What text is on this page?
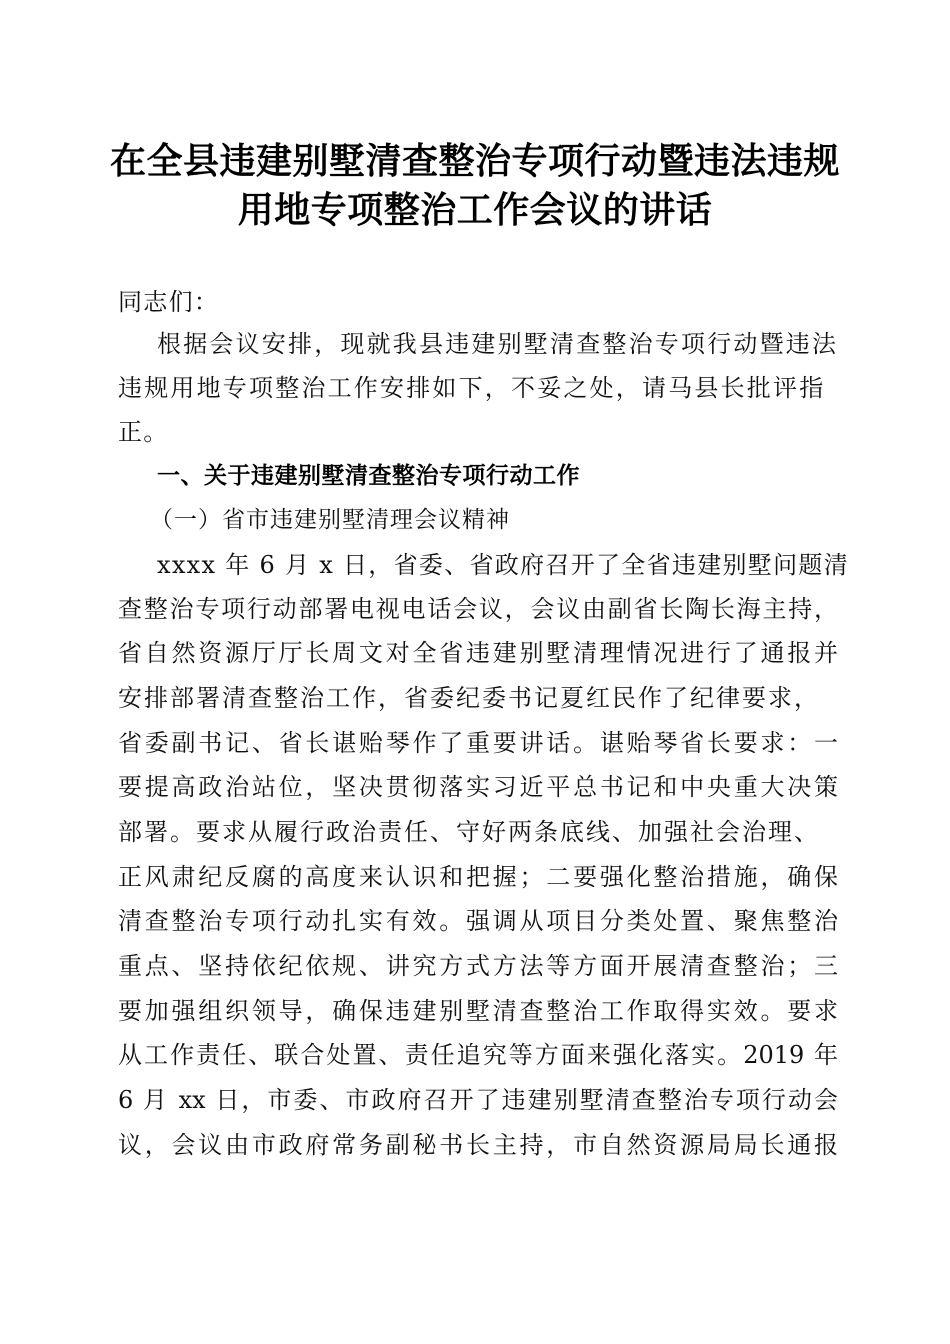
在全县违建别墅清查整治专项行动暨违法违规
用地专项整治工作会议的讲话
同志们：
根据会议安排，现就我县违建别墅清查整治专项行动暨违法
违规用地专项整治工作安排如下，不妥之处，请马县长批评指
正。
一、关于违建别墅清查整治专项行动工作
（一）省市违建别墅清理会议精神
xxxx 年 6 月 x 日，省委、省政府召开了全省违建别墅问题清
查整治专项行动部署电视电话会议，会议由副省长陶长海主持，
省自然资源厅厅长周文对全省违建别墅清理情况进行了通报并
安排部署清查整治工作，省委纪委书记夏红民作了纪律要求，
省委副书记、省长谌贻琴作了重要讲话。谌贻琴省长要求：一
要提高政治站位，坚决贯彻落实习近平总书记和中央重大决策
部署。要求从履行政治责任、守好两条底线、加强社会治理、
正风肃纪反腐的高度来认识和把握；二要强化整治措施，确保
清查整治专项行动扎实有效。强调从项目分类处置、聚焦整治
重点、坚持依纪依规、讲究方式方法等方面开展清查整治；三
要加强组织领导，确保违建别墅清查整治工作取得实效。要求
从工作责任、联合处置、责任追究等方面来强化落实。2019 年
6 月 xx 日，市委、市政府召开了违建别墅清查整治专项行动会
议，会议由市政府常务副秘书长主持，市自然资源局局长通报
